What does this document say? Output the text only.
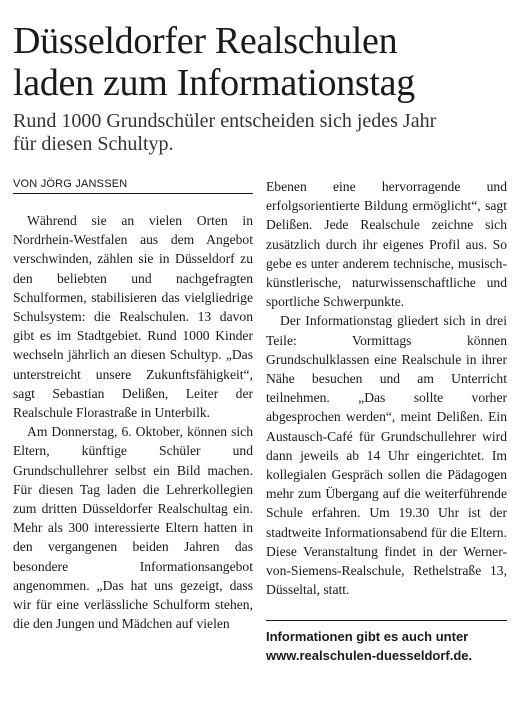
Düsseldorfer Realschulen
laden zum Informationstag
Rund 1000 Grundschüler entscheiden sich jedes Jahr
für diesen Schultyp.
VON JÖRG JANSSEN

Während sie an vielen Orten in Nordrhein-Westfalen aus dem Angebot verschwinden, zählen sie in Düsseldorf zu den beliebten und nachgefragten Schulformen, stabilisieren das vielgliedrige Schulsystem: die Realschulen. 13 davon gibt es im Stadtgebiet. Rund 1000 Kinder wechseln jährlich an diesen Schultyp. „Das unterstreicht unsere Zukunftsfähigkeit“, sagt Sebastian Delißen, Leiter der Realschule Florastraße in Unterbilk.

Am Donnerstag, 6. Oktober, können sich Eltern, künftige Schüler und Grundschullehrer selbst ein Bild machen. Für diesen Tag laden die Lehrerkollegien zum dritten Düsseldorfer Realschultag ein. Mehr als 300 interessierte Eltern hatten in den vergangenen beiden Jahren das besondere Informationsangebot angenommen. „Das hat uns gezeigt, dass wir für eine verlässliche Schulform stehen, die den Jungen und Mädchen auf vielen

Ebenen eine hervorragende und erfolgsorientierte Bildung ermöglicht“, sagt Delißen. Jede Realschule zeichne sich zusätzlich durch ihr eigenes Profil aus. So gebe es unter anderem technische, musisch-künstlerische, naturwissenschaftliche und sportliche Schwerpunkte.

Der Informationstag gliedert sich in drei Teile: Vormittags können Grundschulklassen eine Realschule in ihrer Nähe besuchen und am Unterricht teilnehmen. „Das sollte vorher abgesprochen werden“, meint Delißen. Ein Austausch-Café für Grundschullehrer wird dann jeweils ab 14 Uhr eingerichtet. Im kollegialen Gespräch sollen die Pädagogen mehr zum Übergang auf die weiterführende Schule erfahren. Um 19.30 Uhr ist der stadtweite Informationsabend für die Eltern. Diese Veranstaltung findet in der Werner-von-Siemens-Realschule, Rethelstraße 13, Düsseltal, statt.

Informationen gibt es auch unter
www.realschulen-duesseldorf.de.
